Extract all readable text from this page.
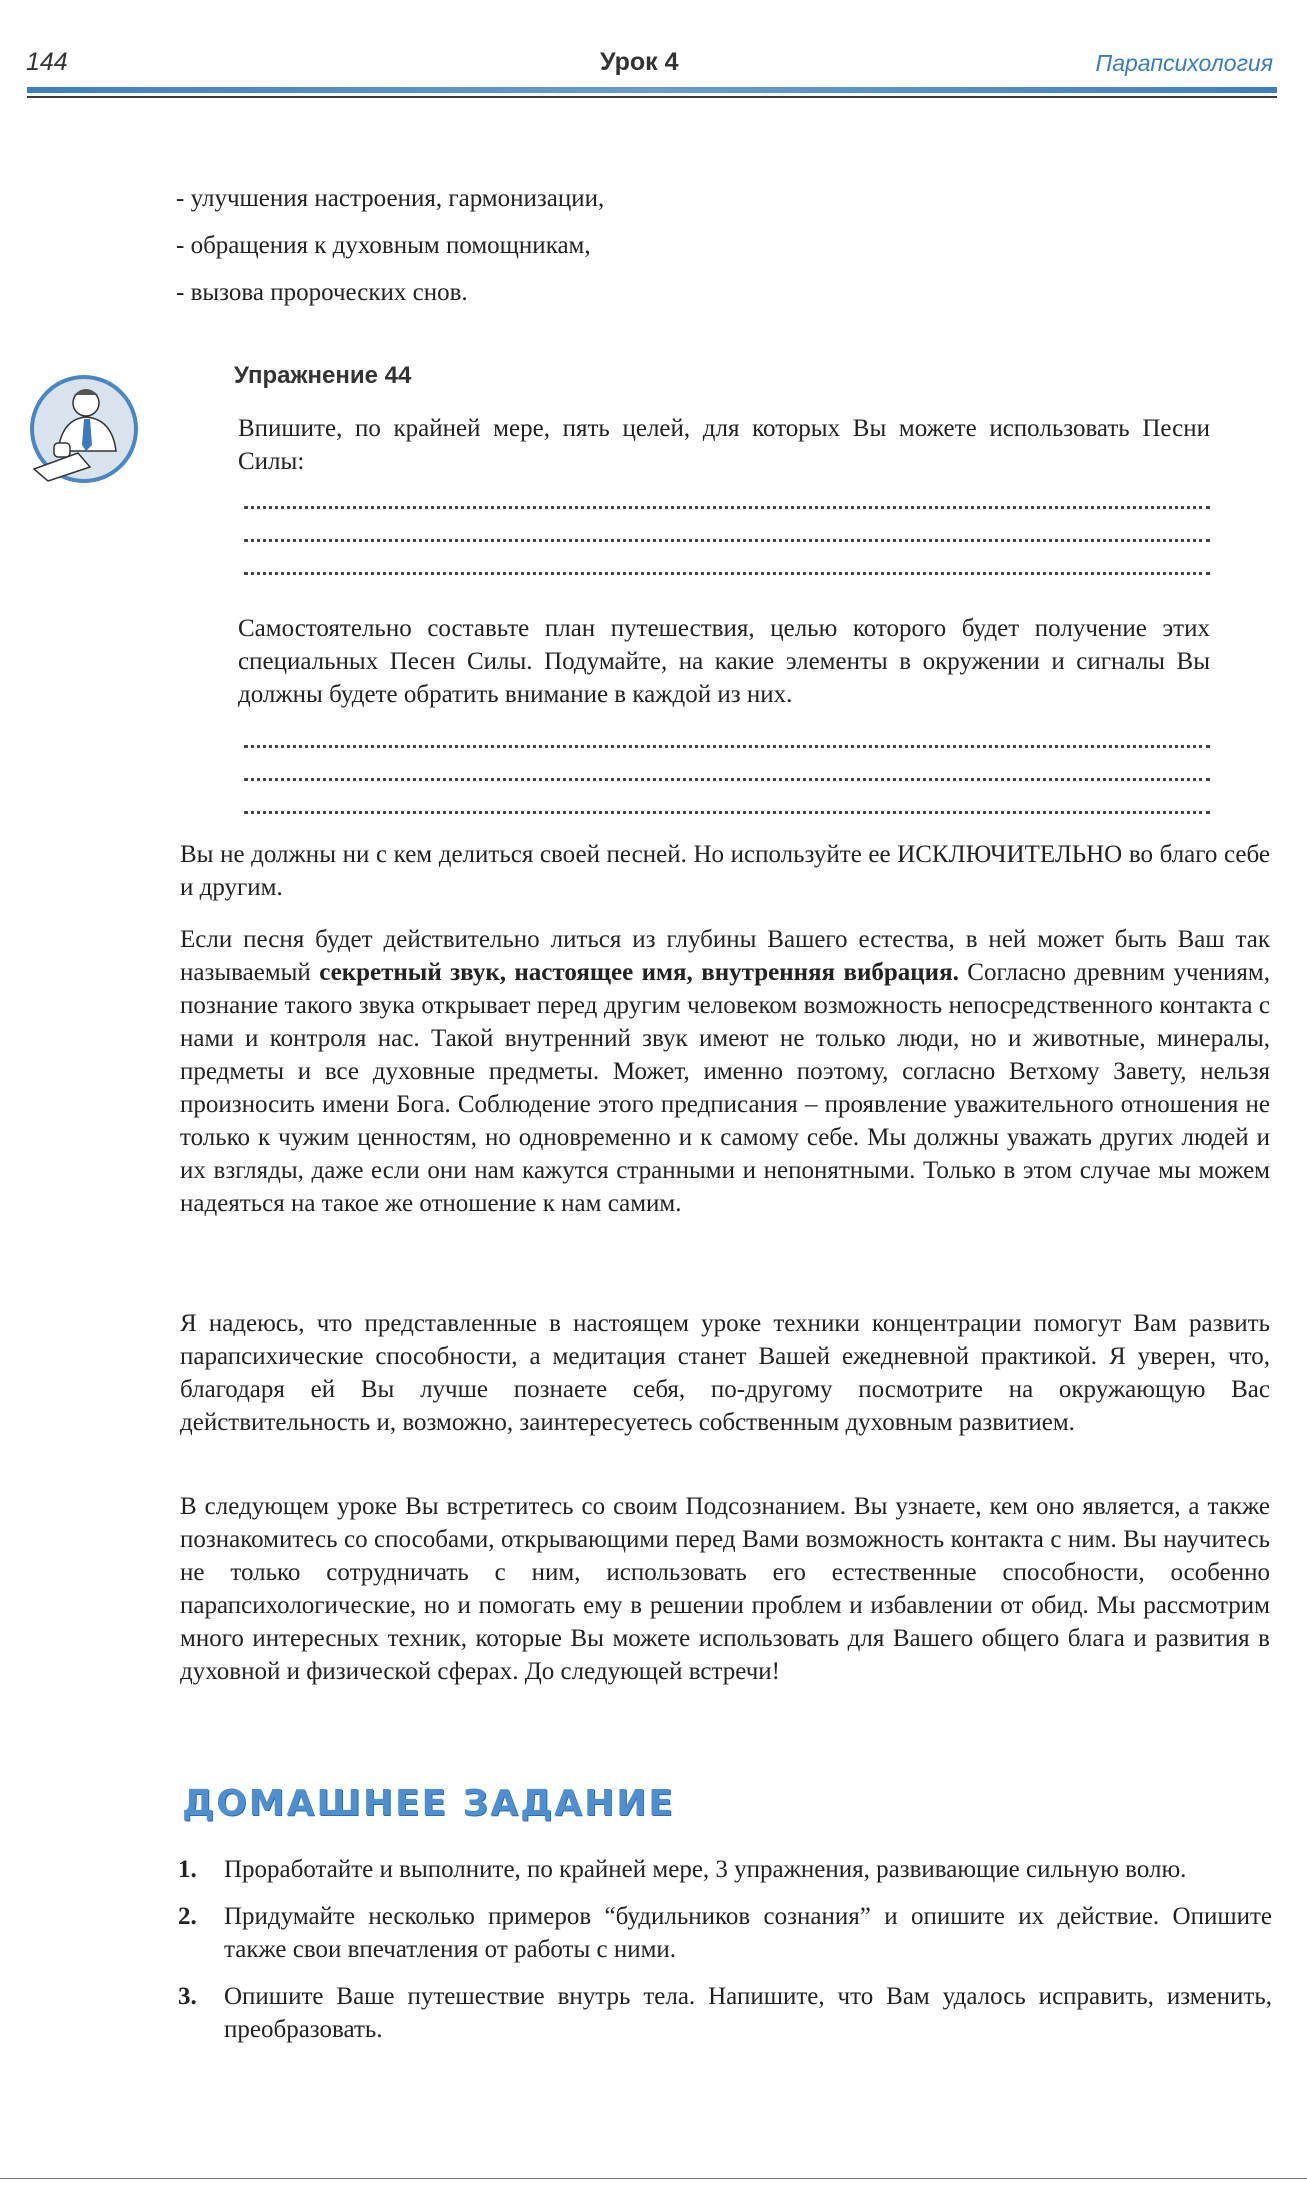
144	Урок 4	Парапсихология
- улучшения настроения, гармонизации,
- обращения к духовным помощникам,
- вызова пророческих снов.
Упражнение 44
Впишите, по крайней мере, пять целей, для которых Вы можете использовать Песни Силы:
Самостоятельно составьте план путешествия, целью которого будет получение этих специальных Песен Силы. Подумайте, на какие элементы в окружении и сигналы Вы должны будете обратить внимание в каждой из них.
Вы не должны ни с кем делиться своей песней. Но используйте ее ИСКЛЮЧИТЕЛЬНО во благо себе и другим.
Если песня будет действительно литься из глубины Вашего естества, в ней может быть Ваш так называемый секретный звук, настоящее имя, внутренняя вибрация. Согласно древним учениям, познание такого звука открывает перед другим человеком возможность непосредственного контакта с нами и контроля нас. Такой внутренний звук имеют не только люди, но и животные, минералы, предметы и все духовные предметы. Может, именно поэтому, согласно Ветхому Завету, нельзя произносить имени Бога. Соблюдение этого предписания – проявление уважительного отношения не только к чужим ценностям, но одновременно и к самому себе. Мы должны уважать других людей и их взгляды, даже если они нам кажутся странными и непонятными. Только в этом случае мы можем надеяться на такое же отношение к нам самим.
Я надеюсь, что представленные в настоящем уроке техники концентрации помогут Вам развить парапсихические способности, а медитация станет Вашей ежедневной практикой. Я уверен, что, благодаря ей Вы лучше познаете себя, по-другому посмотрите на окружающую Вас действительность и, возможно, заинтересуетесь собственным духовным развитием.
В следующем уроке Вы встретитесь со своим Подсознанием. Вы узнаете, кем оно является, а также познакомитесь со способами, открывающими перед Вами возможность контакта с ним. Вы научитесь не только сотрудничать с ним, использовать его естественные способности, особенно парапсихологические, но и помогать ему в решении проблем и избавлении от обид. Мы рассмотрим много интересных техник, которые Вы можете использовать для Вашего общего блага и развития в духовной и физической сферах. До следующей встречи!
ДОМАШНЕЕ ЗАДАНИЕ
1.	Проработайте и выполните, по крайней мере, 3 упражнения, развивающие сильную волю.
2.	Придумайте несколько примеров “будильников сознания” и опишите их действие. Опишите также свои впечатления от работы с ними.
3.	Опишите Ваше путешествие внутрь тела. Напишите, что Вам удалось исправить, изменить, преобразовать.
